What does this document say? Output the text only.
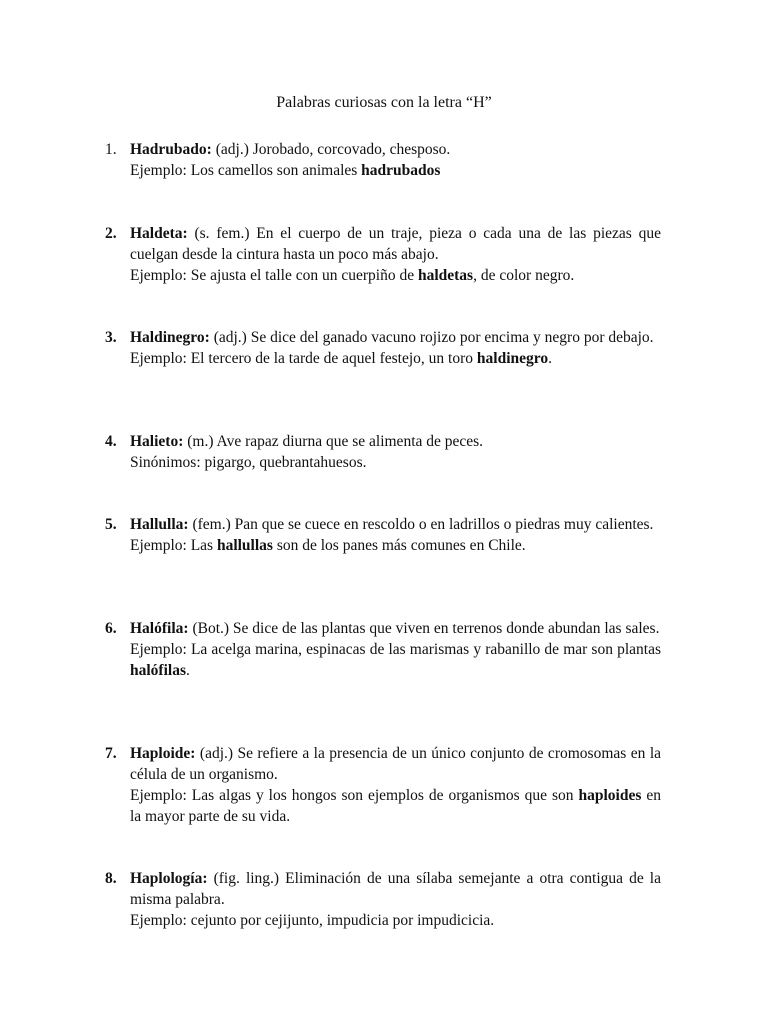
Palabras curiosas con la letra “H”
1. Hadrubado: (adj.) Jorobado, corcovado, chesposo.
Ejemplo: Los camellos son animales hadrubados
2. Haldeta: (s. fem.) En el cuerpo de un traje, pieza o cada una de las piezas que cuelgan desde la cintura hasta un poco más abajo.
Ejemplo: Se ajusta el talle con un cuerpiño de haldetas, de color negro.
3. Haldinegro: (adj.) Se dice del ganado vacuno rojizo por encima y negro por debajo.
Ejemplo: El tercero de la tarde de aquel festejo, un toro haldinegro.
4. Halieto: (m.) Ave rapaz diurna que se alimenta de peces.
Sinónimos: pigargo, quebrantahuesos.
5. Hallulla: (fem.) Pan que se cuece en rescoldo o en ladrillos o piedras muy calientes.
Ejemplo: Las hallullas son de los panes más comunes en Chile.
6. Halófila: (Bot.) Se dice de las plantas que viven en terrenos donde abundan las sales.
Ejemplo: La acelga marina, espinacas de las marismas y rabanillo de mar son plantas halófilas.
7. Haploide: (adj.) Se refiere a la presencia de un único conjunto de cromosomas en la célula de un organismo.
Ejemplo: Las algas y los hongos son ejemplos de organismos que son haploides en la mayor parte de su vida.
8. Haplología: (fig. ling.) Eliminación de una sílaba semejante a otra contigua de la misma palabra.
Ejemplo: cejunto por cejijunto, impudicia por impudicicia.
